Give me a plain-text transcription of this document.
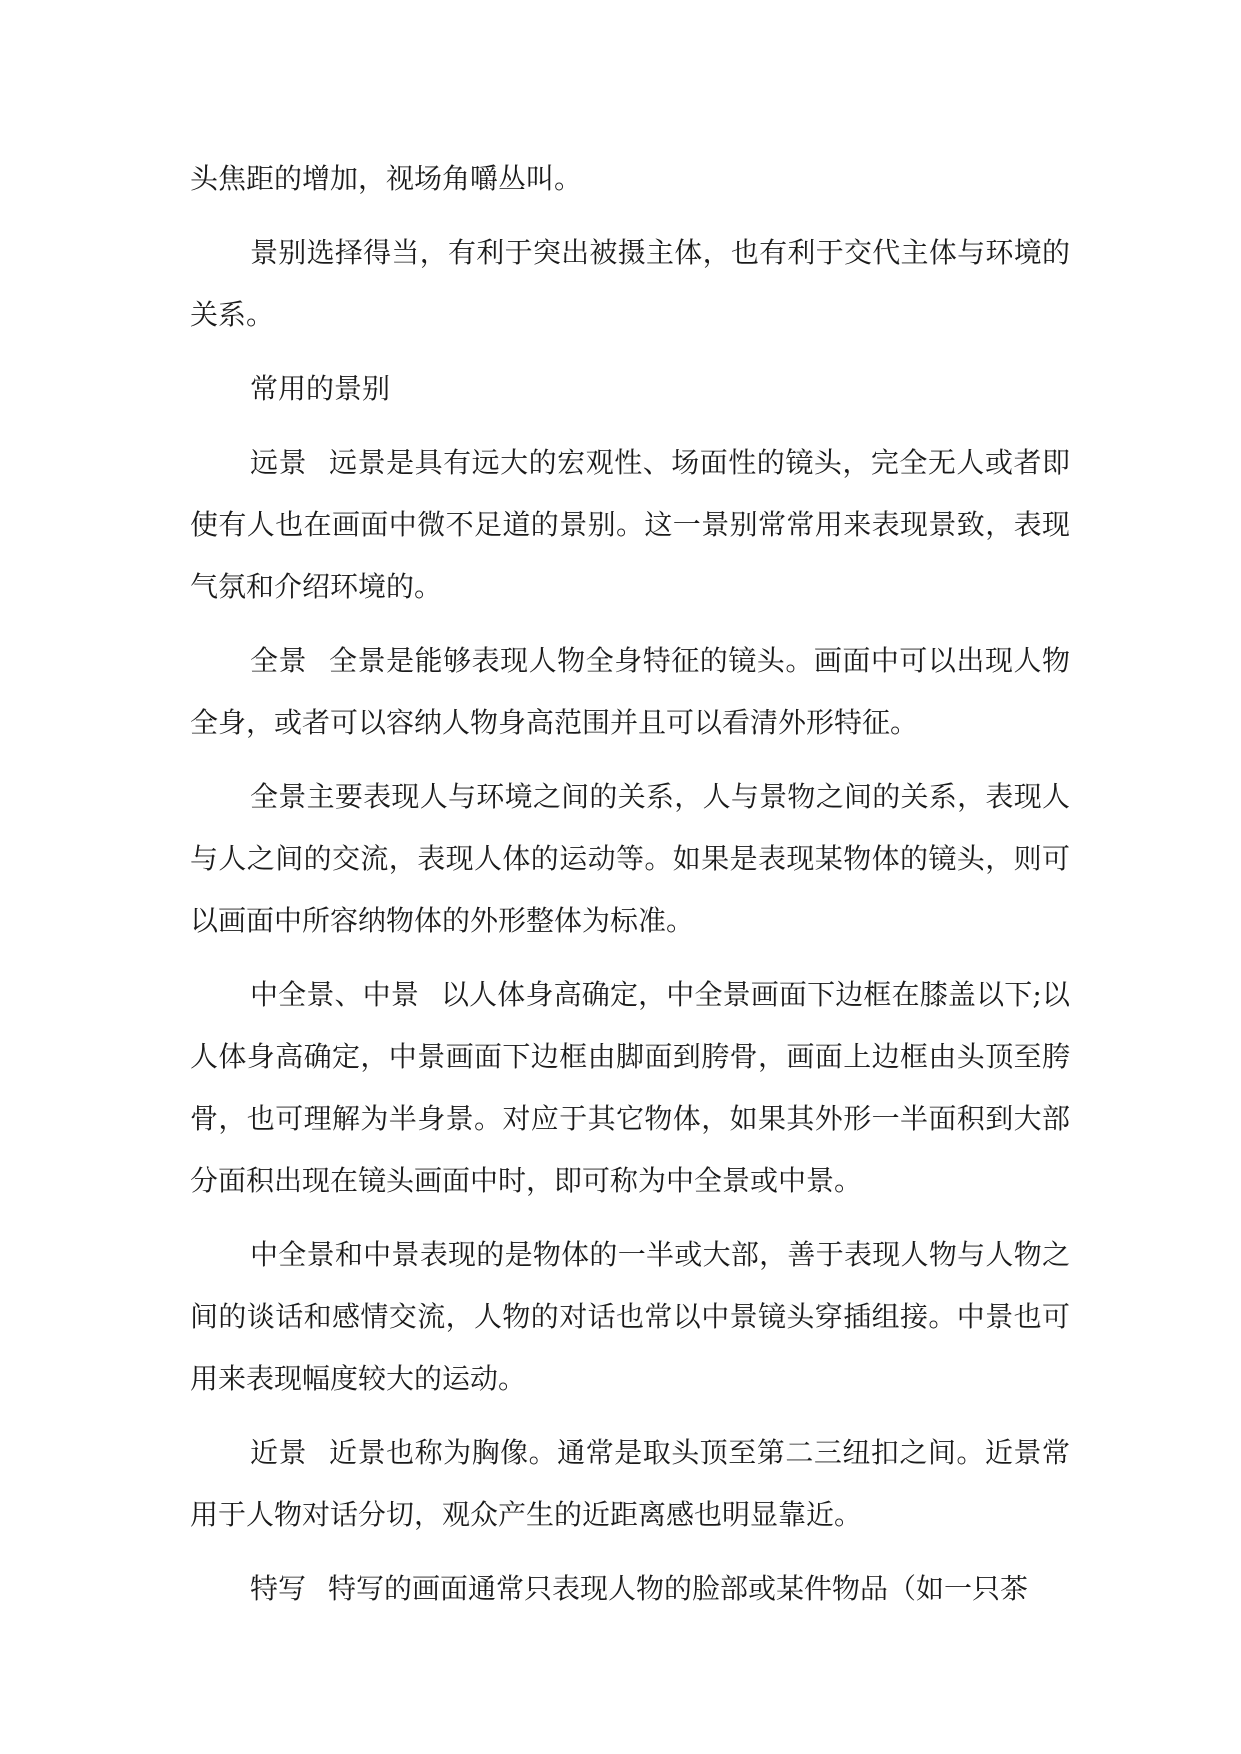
头焦距的增加，视场角嚼丛叫。

景别选择得当，有利于突出被摄主体，也有利于交代主体与环境的关系。

常用的景别

远景 远景是具有远大的宏观性、场面性的镜头，完全无人或者即使有人也在画面中微不足道的景别。这一景别常常用来表现景致，表现气氛和介绍环境的。

全景 全景是能够表现人物全身特征的镜头。画面中可以出现人物全身，或者可以容纳人物身高范围并且可以看清外形特征。

全景主要表现人与环境之间的关系，人与景物之间的关系，表现人与人之间的交流，表现人体的运动等。如果是表现某物体的镜头，则可以画面中所容纳物体的外形整体为标准。

中全景、中景 以人体身高确定，中全景画面下边框在膝盖以下;以人体身高确定，中景画面下边框由脚面到胯骨，画面上边框由头顶至胯骨，也可理解为半身景。对应于其它物体，如果其外形一半面积到大部分面积出现在镜头画面中时，即可称为中全景或中景。

中全景和中景表现的是物体的一半或大部，善于表现人物与人物之间的谈话和感情交流，人物的对话也常以中景镜头穿插组接。中景也可用来表现幅度较大的运动。

近景 近景也称为胸像。通常是取头顶至第二三纽扣之间。近景常用于人物对话分切，观众产生的近距离感也明显靠近。

特写 特写的画面通常只表现人物的脸部或某件物品（如一只茶
